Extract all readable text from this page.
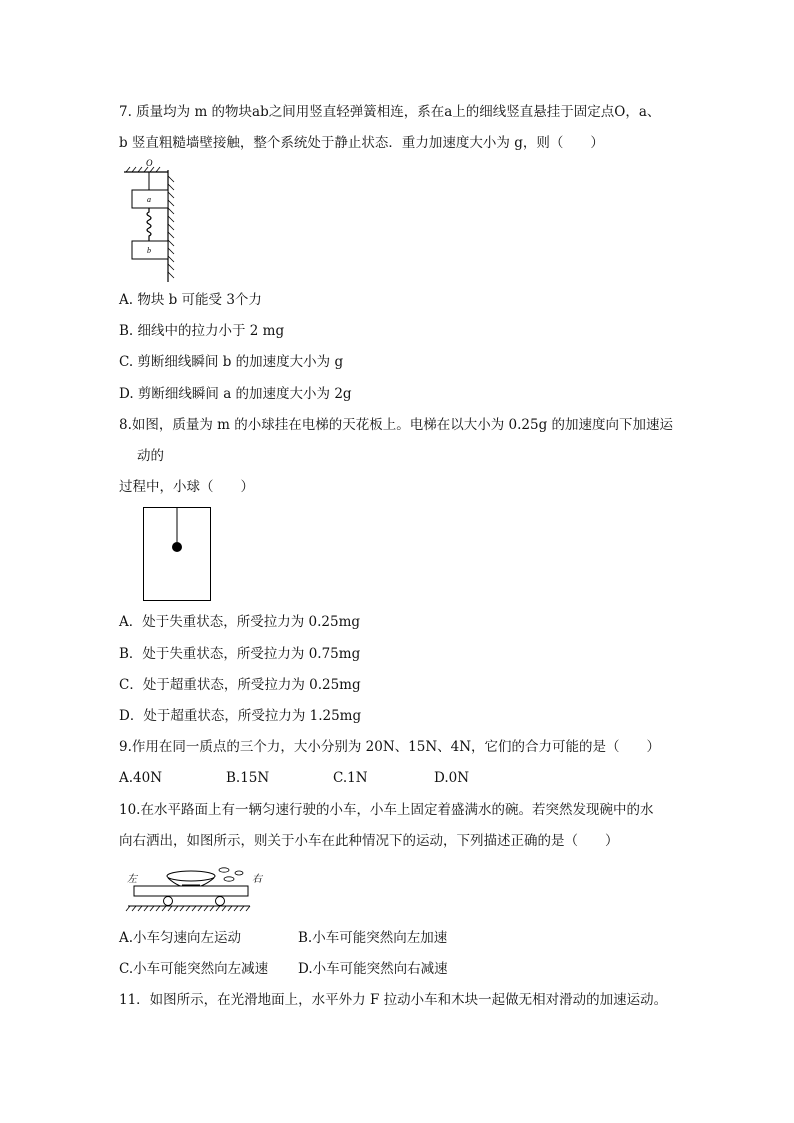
7. 质量均为 m 的物块ab之间用竖直轻弹簧相连，系在a上的细线竖直悬挂于固定点O，a、
b 竖直粗糙墙壁接触，整个系统处于静止状态．重力加速度大小为 g，则（　　）
O
a
b
A. 物块 b 可能受 3个力
B. 细线中的拉力小于 2 mg
C. 剪断细线瞬间 b 的加速度大小为 g
D. 剪断细线瞬间 a 的加速度大小为 2g
8.如图，质量为 m 的小球挂在电梯的天花板上。电梯在以大小为 0.25g 的加速度向下加速运
动的
过程中，小球（　　）
A．处于失重状态，所受拉力为 0.25mg
B．处于失重状态，所受拉力为 0.75mg
C．处于超重状态，所受拉力为 0.25mg
D．处于超重状态，所受拉力为 1.25mg
9.作用在同一质点的三个力，大小分别为 20N、15N、4N，它们的合力可能的是（　　）
A.40N	B.15N	C.1N	D.0N
10.在水平路面上有一辆匀速行驶的小车，小车上固定着盛满水的碗。若突然发现碗中的水
向右洒出，如图所示，则关于小车在此种情况下的运动，下列描述正确的是（　　）
左	右
A.小车匀速向左运动	B.小车可能突然向左加速
C.小车可能突然向左减速 D.小车可能突然向右减速
11．如图所示，在光滑地面上，水平外力 F 拉动小车和木块一起做无相对滑动的加速运动。
